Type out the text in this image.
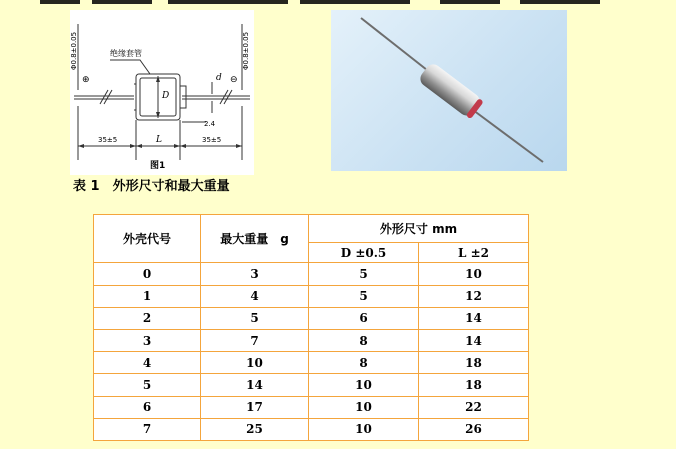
绝缘套管
Φ0.8±0.05	Φ0.8±0.05
⊕	⊖
D
d
2.4
35±5	L	35±5
图1
表 1　外形尺寸和最大重量
外壳代号	最大重量　g	外形尺寸 mm	
		D ±0.5	L ±2
0	3	5	10
1	4	5	12
2	5	6	14
3	7	8	14
4	10	8	18
5	14	10	18
6	17	10	22
7	25	10	26
